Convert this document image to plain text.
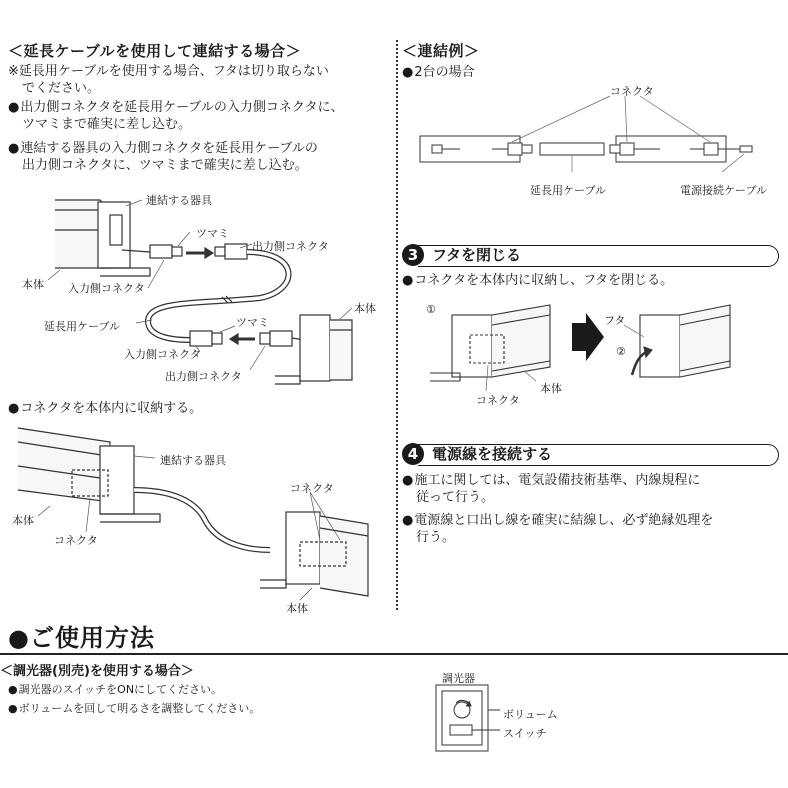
＜延長ケーブルを使用して連結する場合＞
※延長用ケーブルを使用する場合、フタは切り取らない
でください。
● 出力側コネクタを延長用ケーブルの入力側コネクタに、
ツマミまで確実に差し込む。
● 連結する器具の入力側コネクタを延長用ケーブルの
出力側コネクタに、ツマミまで確実に差し込む。
連結する器具
ツマミ
出力側コネクタ
本体 入力側コネクタ
本体
延長用ケーブル	ツマミ
入力側コネクタ
出力側コネクタ
● コネクタを本体内に収納する。
連結する器具
コネクタ
本体
コネクタ
本体
＜連結例＞
● 2台の場合
コネクタ
延長用ケーブル	電源接続ケーブル
3 フタを閉じる
● コネクタを本体内に収納し、フタを閉じる。
①
フタ
②
コネクタ
本体
4 電源線を接続する
● 施工に関しては、電気設備技術基準、内線規程に
従って行う。
● 電源線と口出し線を確実に結線し、必ず絶縁処理を
行う。
●ご使用方法
＜調光器(別売)を使用する場合＞
● 調光器のスイッチをONにしてください。
● ボリュームを回して明るさを調整してください。
調光器
ボリューム
スイッチ
